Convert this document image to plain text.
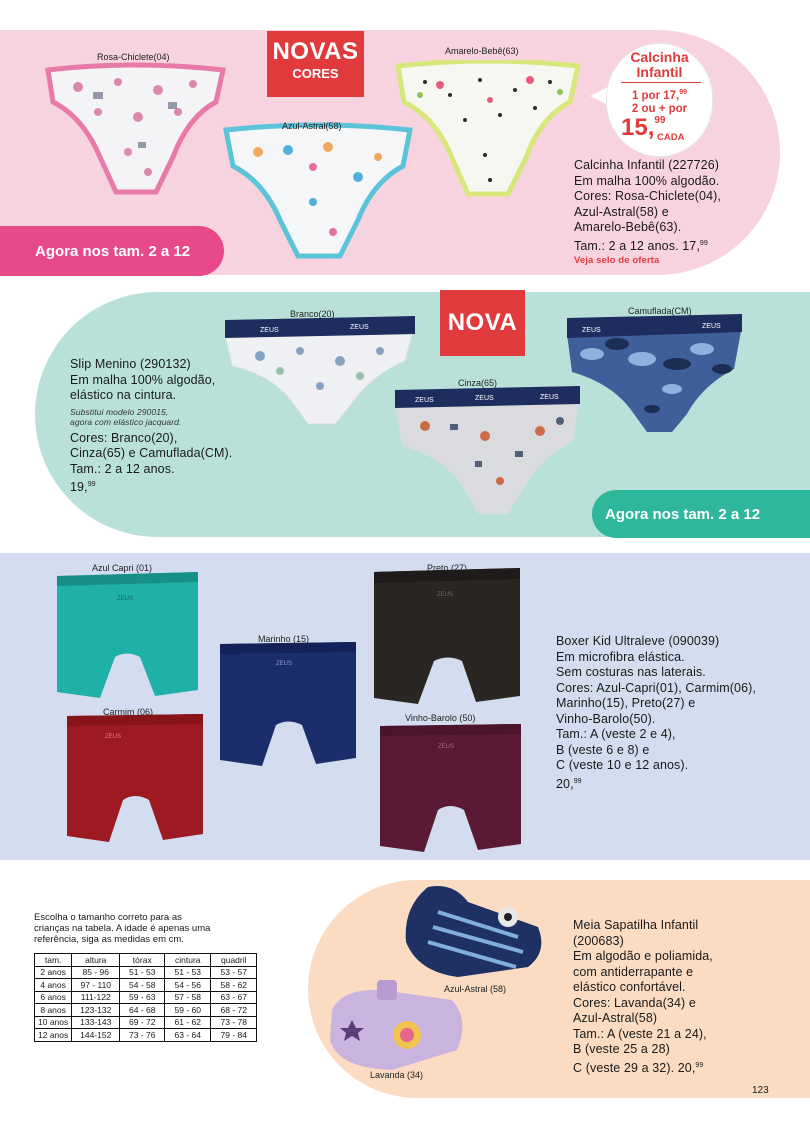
Rosa-Chiclete(04)
Azul-Astral(58)
Amarelo-Bebê(63)
NOVAS
CORES
Calcinha
Infantil
1 por 17,99
2 ou + por
15,99
CADA
Calcinha Infantil (227726)
Em malha 100% algodão.
Cores: Rosa-Chiclete(04),
Azul-Astral(58) e
Amarelo-Bebê(63).
Tam.: 2 a 12 anos. 17,99
Veja selo de oferta
Agora nos tam. 2 a 12
ZEUS	ZEUS	ZEUS
ZEUS
ZEUS	ZEUS	ZEUS
Branco(20)
Cinza(65)
Camuflada(CM)
NOVA
Slip Menino (290132)
Em malha 100% algodão,
elástico na cintura.
Substitui modelo 290015,
agora com elástico jacquard.
Cores: Branco(20),
Cinza(65) e Camuflada(CM).
Tam.: 2 a 12 anos.
19,99
Agora nos tam. 2 a 12
ZEUS
ZEUS
ZEUS
ZEUS
ZEUS
Azul Capri (01)	Preto (27)
Marinho (15)
Carmim (06)
Vinho-Barolo (50)
Boxer Kid Ultraleve (090039)
Em microfibra elástica.
Sem costuras nas laterais.
Cores: Azul-Capri(01), Carmim(06),
Marinho(15), Preto(27) e
Vinho-Barolo(50).
Tam.: A (veste 2 e 4),
B (veste 6 e 8) e
C (veste 10 e 12 anos).
20,99
Escolha o tamanho correto para as
crianças na tabela. A idade é apenas uma
referência, siga as medidas em cm.
tam.	altura	tórax	cintura	quadril
2 anos	85 - 96	51 - 53	51 - 53	53 - 57
4 anos	97 - 110	54 - 58	54 - 56	58 - 62
6 anos	111-122	59 - 63	57 - 58	63 - 67
8 anos	123-132	64 - 68	59 - 60	68 - 72
10 anos	133-143	69 - 72	61 - 62	73 - 78
12 anos	144-152	73 - 76	63 - 64	79 - 84
Azul-Astral (58)
Lavanda (34)
Meia Sapatilha Infantil
(200683)
Em algodão e poliamida,
com antiderrapante e
elástico confortável.
Cores: Lavanda(34) e
Azul-Astral(58)
Tam.: A (veste 21 a 24),
B (veste 25 a 28)
C (veste 29 a 32). 20,99
123
